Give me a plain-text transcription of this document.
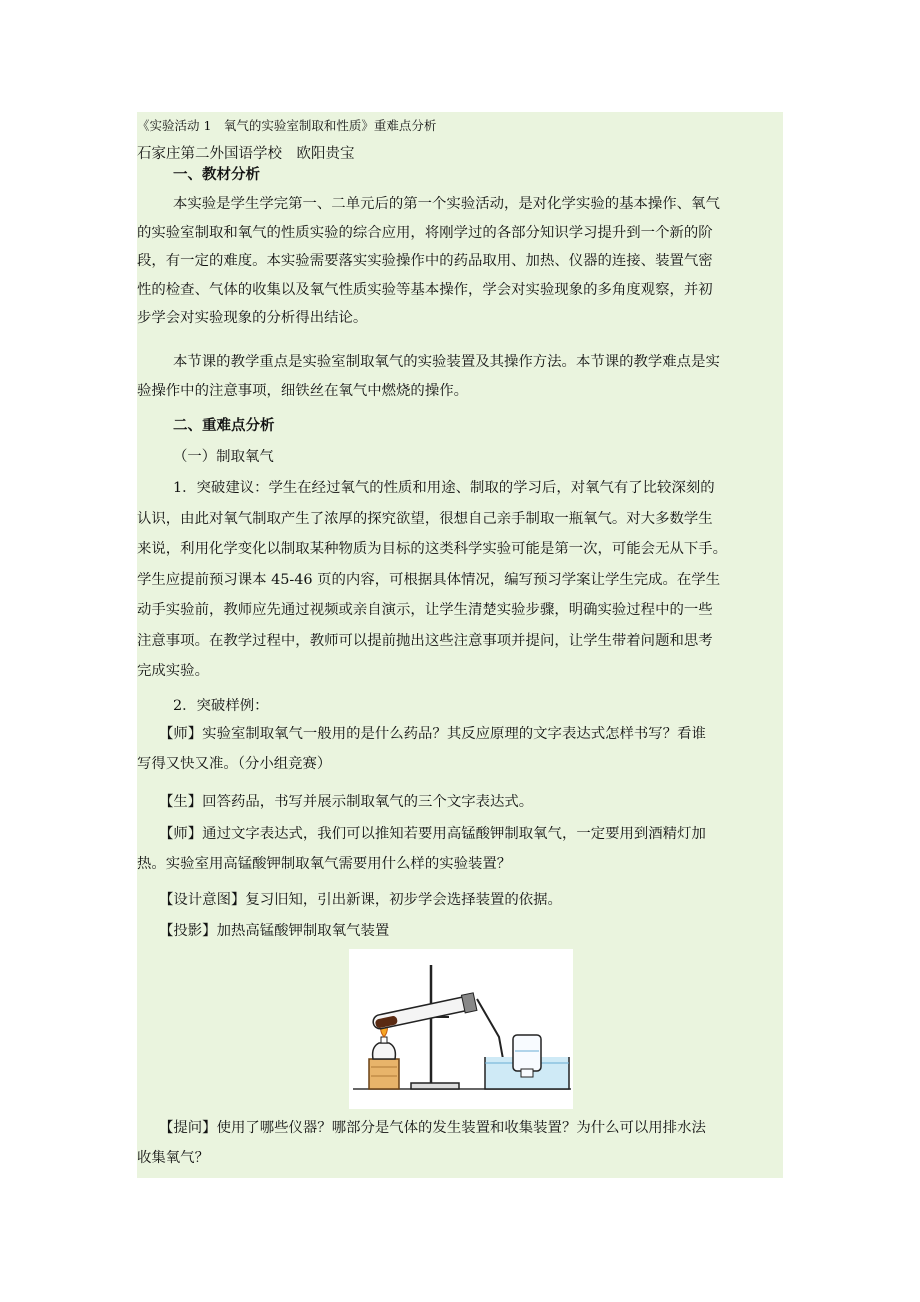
《实验活动 1　氧气的实验室制取和性质》重难点分析
石家庄第二外国语学校　欧阳贵宝
一、教材分析
本实验是学生学完第一、二单元后的第一个实验活动，是对化学实验的基本操作、氧气
的实验室制取和氧气的性质实验的综合应用，将刚学过的各部分知识学习提升到一个新的阶
段，有一定的难度。本实验需要落实实验操作中的药品取用、加热、仪器的连接、装置气密
性的检查、气体的收集以及氧气性质实验等基本操作，学会对实验现象的多角度观察，并初
步学会对实验现象的分析得出结论。
本节课的教学重点是实验室制取氧气的实验装置及其操作方法。本节课的教学难点是实
验操作中的注意事项，细铁丝在氧气中燃烧的操作。
二、重难点分析
（一）制取氧气
1．突破建议：学生在经过氧气的性质和用途、制取的学习后，对氧气有了比较深刻的
认识，由此对氧气制取产生了浓厚的探究欲望，很想自己亲手制取一瓶氧气。对大多数学生
来说，利用化学变化以制取某种物质为目标的这类科学实验可能是第一次，可能会无从下手。
学生应提前预习课本 45-46 页的内容，可根据具体情况，编写预习学案让学生完成。在学生
动手实验前，教师应先通过视频或亲自演示，让学生清楚实验步骤，明确实验过程中的一些
注意事项。在教学过程中，教师可以提前抛出这些注意事项并提问，让学生带着问题和思考
完成实验。
2．突破样例：
【师】实验室制取氧气一般用的是什么药品？其反应原理的文字表达式怎样书写？看谁
写得又快又准。（分小组竞赛）
【生】回答药品，书写并展示制取氧气的三个文字表达式。
【师】通过文字表达式，我们可以推知若要用高锰酸钾制取氧气，一定要用到酒精灯加
热。实验室用高锰酸钾制取氧气需要用什么样的实验装置？
【设计意图】复习旧知，引出新课，初步学会选择装置的依据。
【投影】加热高锰酸钾制取氧气装置
【提问】使用了哪些仪器？哪部分是气体的发生装置和收集装置？为什么可以用排水法
收集氧气？
